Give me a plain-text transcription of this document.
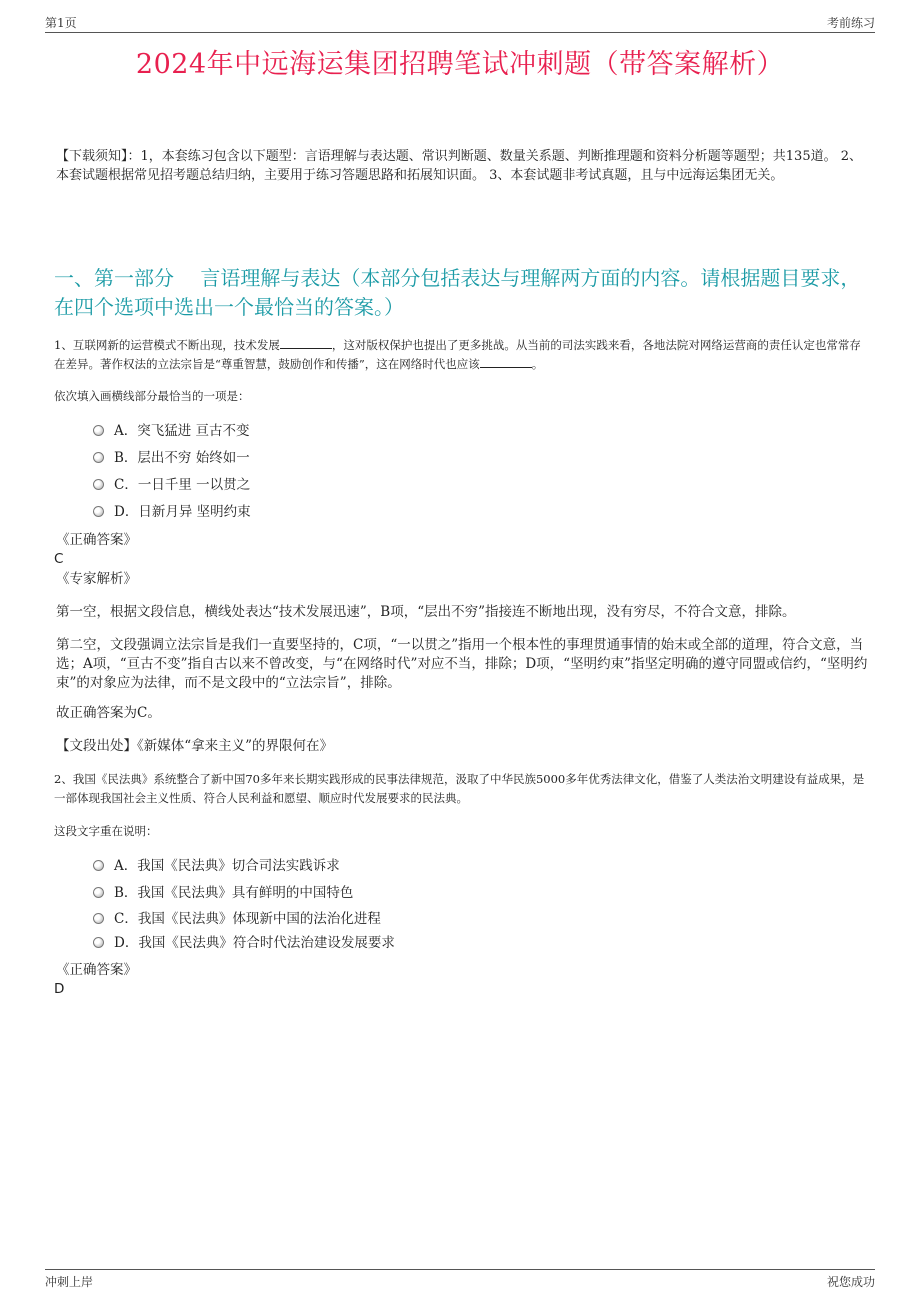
第1页	考前练习
2024年中远海运集团招聘笔试冲刺题（带答案解析）
【下载须知】：1，本套练习包含以下题型：言语理解与表达题、常识判断题、数量关系题、判断推理题和资料分析题等题型；共135道。 2、本套试题根据常见招考题总结归纳，主要用于练习答题思路和拓展知识面。 3、本套试题非考试真题，且与中远海运集团无关。
一、第一部分　 言语理解与表达（本部分包括表达与理解两方面的内容。请根据题目要求，在四个选项中选出一个最恰当的答案。）
1、互联网新的运营模式不断出现，技术发展	，这对版权保护也提出了更多挑战。从当前的司法实践来看，各地法院对网络运营商的责任认定也常常存在差异。著作权法的立法宗旨是“尊重智慧，鼓励创作和传播”，这在网络时代也应该	。
依次填入画横线部分最恰当的一项是：
A．突飞猛进 亘古不变
B．层出不穷 始终如一
C．一日千里 一以贯之
D．日新月异 坚明约束
《正确答案》
C
《专家解析》
第一空，根据文段信息，横线处表达“技术发展迅速”，B项，“层出不穷”指接连不断地出现，没有穷尽，不符合文意，排除。
第二空，文段强调立法宗旨是我们一直要坚持的，C项，“一以贯之”指用一个根本性的事理贯通事情的始末或全部的道理，符合文意，当选；A项，“亘古不变”指自古以来不曾改变，与“在网络时代”对应不当，排除；D项，“坚明约束”指坚定明确的遵守同盟或信约，“坚明约束”的对象应为法律，而不是文段中的“立法宗旨”，排除。
故正确答案为C。
【文段出处】《新媒体“拿来主义”的界限何在》
2、我国《民法典》系统整合了新中国70多年来长期实践形成的民事法律规范，汲取了中华民族5000多年优秀法律文化，借鉴了人类法治文明建设有益成果，是一部体现我国社会主义性质、符合人民利益和愿望、顺应时代发展要求的民法典。
这段文字重在说明：
A．我国《民法典》切合司法实践诉求
B．我国《民法典》具有鲜明的中国特色
C．我国《民法典》体现新中国的法治化进程
D．我国《民法典》符合时代法治建设发展要求
《正确答案》
D
冲刺上岸	祝您成功
